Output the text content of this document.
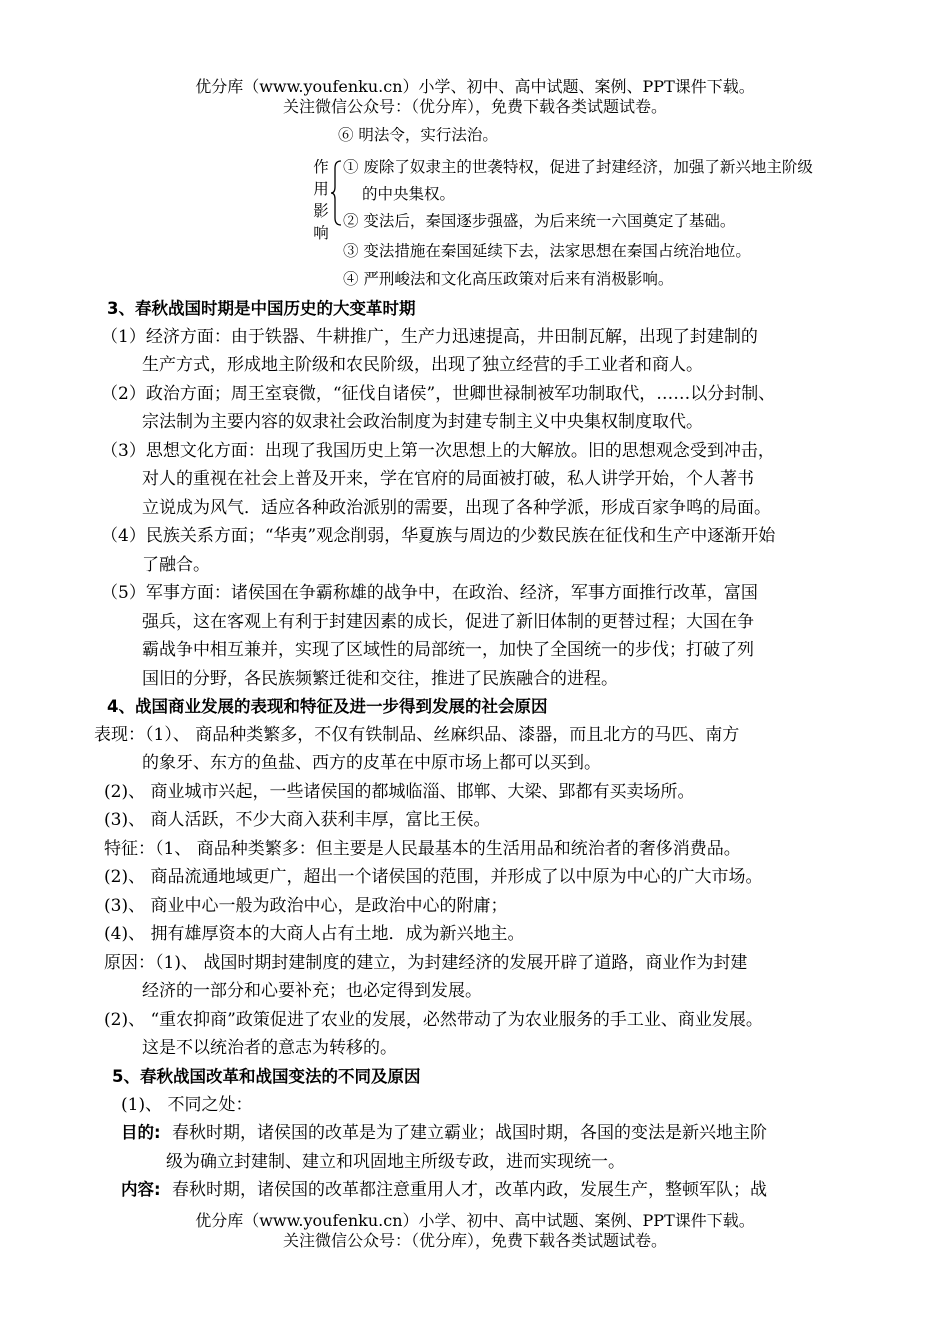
优分库（www.youfenku.cn）小学、初中、高中试题、案例、PPT课件下载。
关注微信公众号：（优分库），免费下载各类试题试卷。
⑥ 明法令，实行法治。
作
用
影
响
① 废除了奴隶主的世袭特权，促进了封建经济，加强了新兴地主阶级
的中央集权。
② 变法后，秦国逐步强盛，为后来统一六国奠定了基础。
③ 变法措施在秦国延续下去，法家思想在秦国占统治地位。
④ 严刑峻法和文化高压政策对后来有消极影响。
3、春秋战国时期是中国历史的大变革时期
（1）经济方面：由于铁器、牛耕推广，生产力迅速提高，井田制瓦解，出现了封建制的
生产方式，形成地主阶级和农民阶级，出现了独立经营的手工业者和商人。
（2）政治方面；周王室衰微，“征伐自诸侯”，世卿世禄制被军功制取代，……以分封制、
宗法制为主要内容的奴隶社会政治制度为封建专制主义中央集权制度取代。
（3）思想文化方面：出现了我国历史上第一次思想上的大解放。旧的思想观念受到冲击，
对人的重视在社会上普及开来，学在官府的局面被打破，私人讲学开始，个人著书
立说成为风气．适应各种政治派别的需要，出现了各种学派，形成百家争鸣的局面。
（4）民族关系方面；“华夷”观念削弱，华夏族与周边的少数民族在征伐和生产中逐渐开始
了融合。
（5）军事方面：诸侯国在争霸称雄的战争中，在政治、经济，军事方面推行改革，富国
强兵，这在客观上有利于封建因素的成长，促进了新旧体制的更替过程；大国在争
霸战争中相互兼并，实现了区域性的局部统一，加快了全国统一的步伐；打破了列
国旧的分野，各民族频繁迁徙和交往，推进了民族融合的进程。
4、战国商业发展的表现和特征及进一步得到发展的社会原因
表现：（1）、 商品种类繁多，不仅有铁制品、丝麻织品、漆器，而且北方的马匹、南方
的象牙、东方的鱼盐、西方的皮革在中原市场上都可以买到。
(2)、 商业城市兴起，一些诸侯国的都城临淄、邯郸、大梁、郢都有买卖场所。
(3)、 商人活跃，不少大商入获利丰厚，富比王侯。
特征：（1、 商品种类繁多：但主要是人民最基本的生活用品和统治者的奢侈消费品。
(2)、 商品流通地域更广，超出一个诸侯国的范围，并形成了以中原为中心的广大市场。
(3)、 商业中心一般为政治中心，是政治中心的附庸；
(4)、 拥有雄厚资本的大商人占有土地．成为新兴地主。
原因：（1)、 战国时期封建制度的建立，为封建经济的发展开辟了道路，商业作为封建
经济的一部分和心要补充；也必定得到发展。
(2)、 “重农抑商”政策促进了农业的发展，必然带动了为农业服务的手工业、商业发展。
这是不以统治者的意志为转移的。
5、春秋战国改革和战国变法的不同及原因
(1)、 不同之处：
目的: 春秋时期，诸侯国的改革是为了建立霸业；战国时期，各国的变法是新兴地主阶
级为确立封建制、建立和巩固地主所级专政，进而实现统一。
内容: 春秋时期，诸侯国的改革都注意重用人才，改革内政，发展生产，整顿军队；战
优分库（www.youfenku.cn）小学、初中、高中试题、案例、PPT课件下载。
关注微信公众号：（优分库），免费下载各类试题试卷。
